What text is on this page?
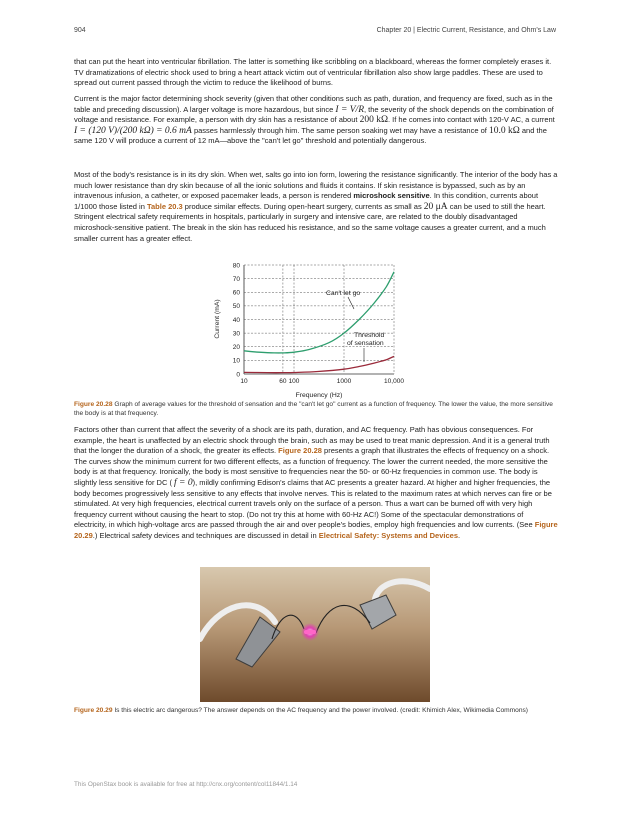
904	Chapter 20 | Electric Current, Resistance, and Ohm's Law

that can put the heart into ventricular fibrillation. The latter is something like scribbling on a blackboard, whereas the former completely erases it. TV dramatizations of electric shock used to bring a heart attack victim out of ventricular fibrillation also show large paddles. These are used to spread out current passed through the victim to reduce the likelihood of burns.

Current is the major factor determining shock severity (given that other conditions such as path, duration, and frequency are fixed, such as in the table and preceding discussion). A larger voltage is more hazardous, but since I = V/R, the severity of the shock depends on the combination of voltage and resistance. For example, a person with dry skin has a resistance of about 200 kΩ. If he comes into contact with 120-V AC, a current I = (120 V)/(200 kΩ) = 0.6 mA passes harmlessly through him. The same person soaking wet may have a resistance of 10.0 kΩ and the same 120 V will produce a current of 12 mA—above the "can't let go" threshold and potentially dangerous.

Most of the body's resistance is in its dry skin. When wet, salts go into ion form, lowering the resistance significantly. The interior of the body has a much lower resistance than dry skin because of all the ionic solutions and fluids it contains. If skin resistance is bypassed, such as by an intravenous infusion, a catheter, or exposed pacemaker leads, a person is rendered microshock sensitive. In this condition, currents about 1/1000 those listed in Table 20.3 produce similar effects. During open-heart surgery, currents as small as 20 μA can be used to still the heart. Stringent electrical safety requirements in hospitals, particularly in surgery and intensive care, are related to the doubly disadvantaged microshock-sensitive patient. The break in the skin has reduced his resistance, and so the same voltage causes a greater current, and a much smaller current has a greater effect.

10	60 100	1000	10,000
0
10
20
30
40
50
60
70
80
Can't let go
Threshold
of sensation
Frequency (Hz)
Current (mA)
Figure 20.28 Graph of average values for the threshold of sensation and the "can't let go" current as a function of frequency. The lower the value, the more sensitive the body is at that frequency.

Factors other than current that affect the severity of a shock are its path, duration, and AC frequency. Path has obvious consequences. For example, the heart is unaffected by an electric shock through the brain, such as may be used to treat manic depression. And it is a general truth that the longer the duration of a shock, the greater its effects. Figure 20.28 presents a graph that illustrates the effects of frequency on a shock. The curves show the minimum current for two different effects, as a function of frequency. The lower the current needed, the more sensitive the body is at that frequency. Ironically, the body is most sensitive to frequencies near the 50- or 60-Hz frequencies in common use. The body is slightly less sensitive for DC ( f = 0), mildly confirming Edison's claims that AC presents a greater hazard. At higher and higher frequencies, the body becomes progressively less sensitive to any effects that involve nerves. This is related to the maximum rates at which nerves can fire or be stimulated. At very high frequencies, electrical current travels only on the surface of a person. Thus a wart can be burned off with very high frequency current without causing the heart to stop. (Do not try this at home with 60-Hz AC!) Some of the spectacular demonstrations of electricity, in which high-voltage arcs are passed through the air and over people's bodies, employ high frequencies and low currents. (See Figure 20.29.) Electrical safety devices and techniques are discussed in detail in Electrical Safety: Systems and Devices.

Figure 20.29 Is this electric arc dangerous? The answer depends on the AC frequency and the power involved. (credit: Khimich Alex, Wikimedia Commons)
This OpenStax book is available for free at http://cnx.org/content/col11844/1.14
